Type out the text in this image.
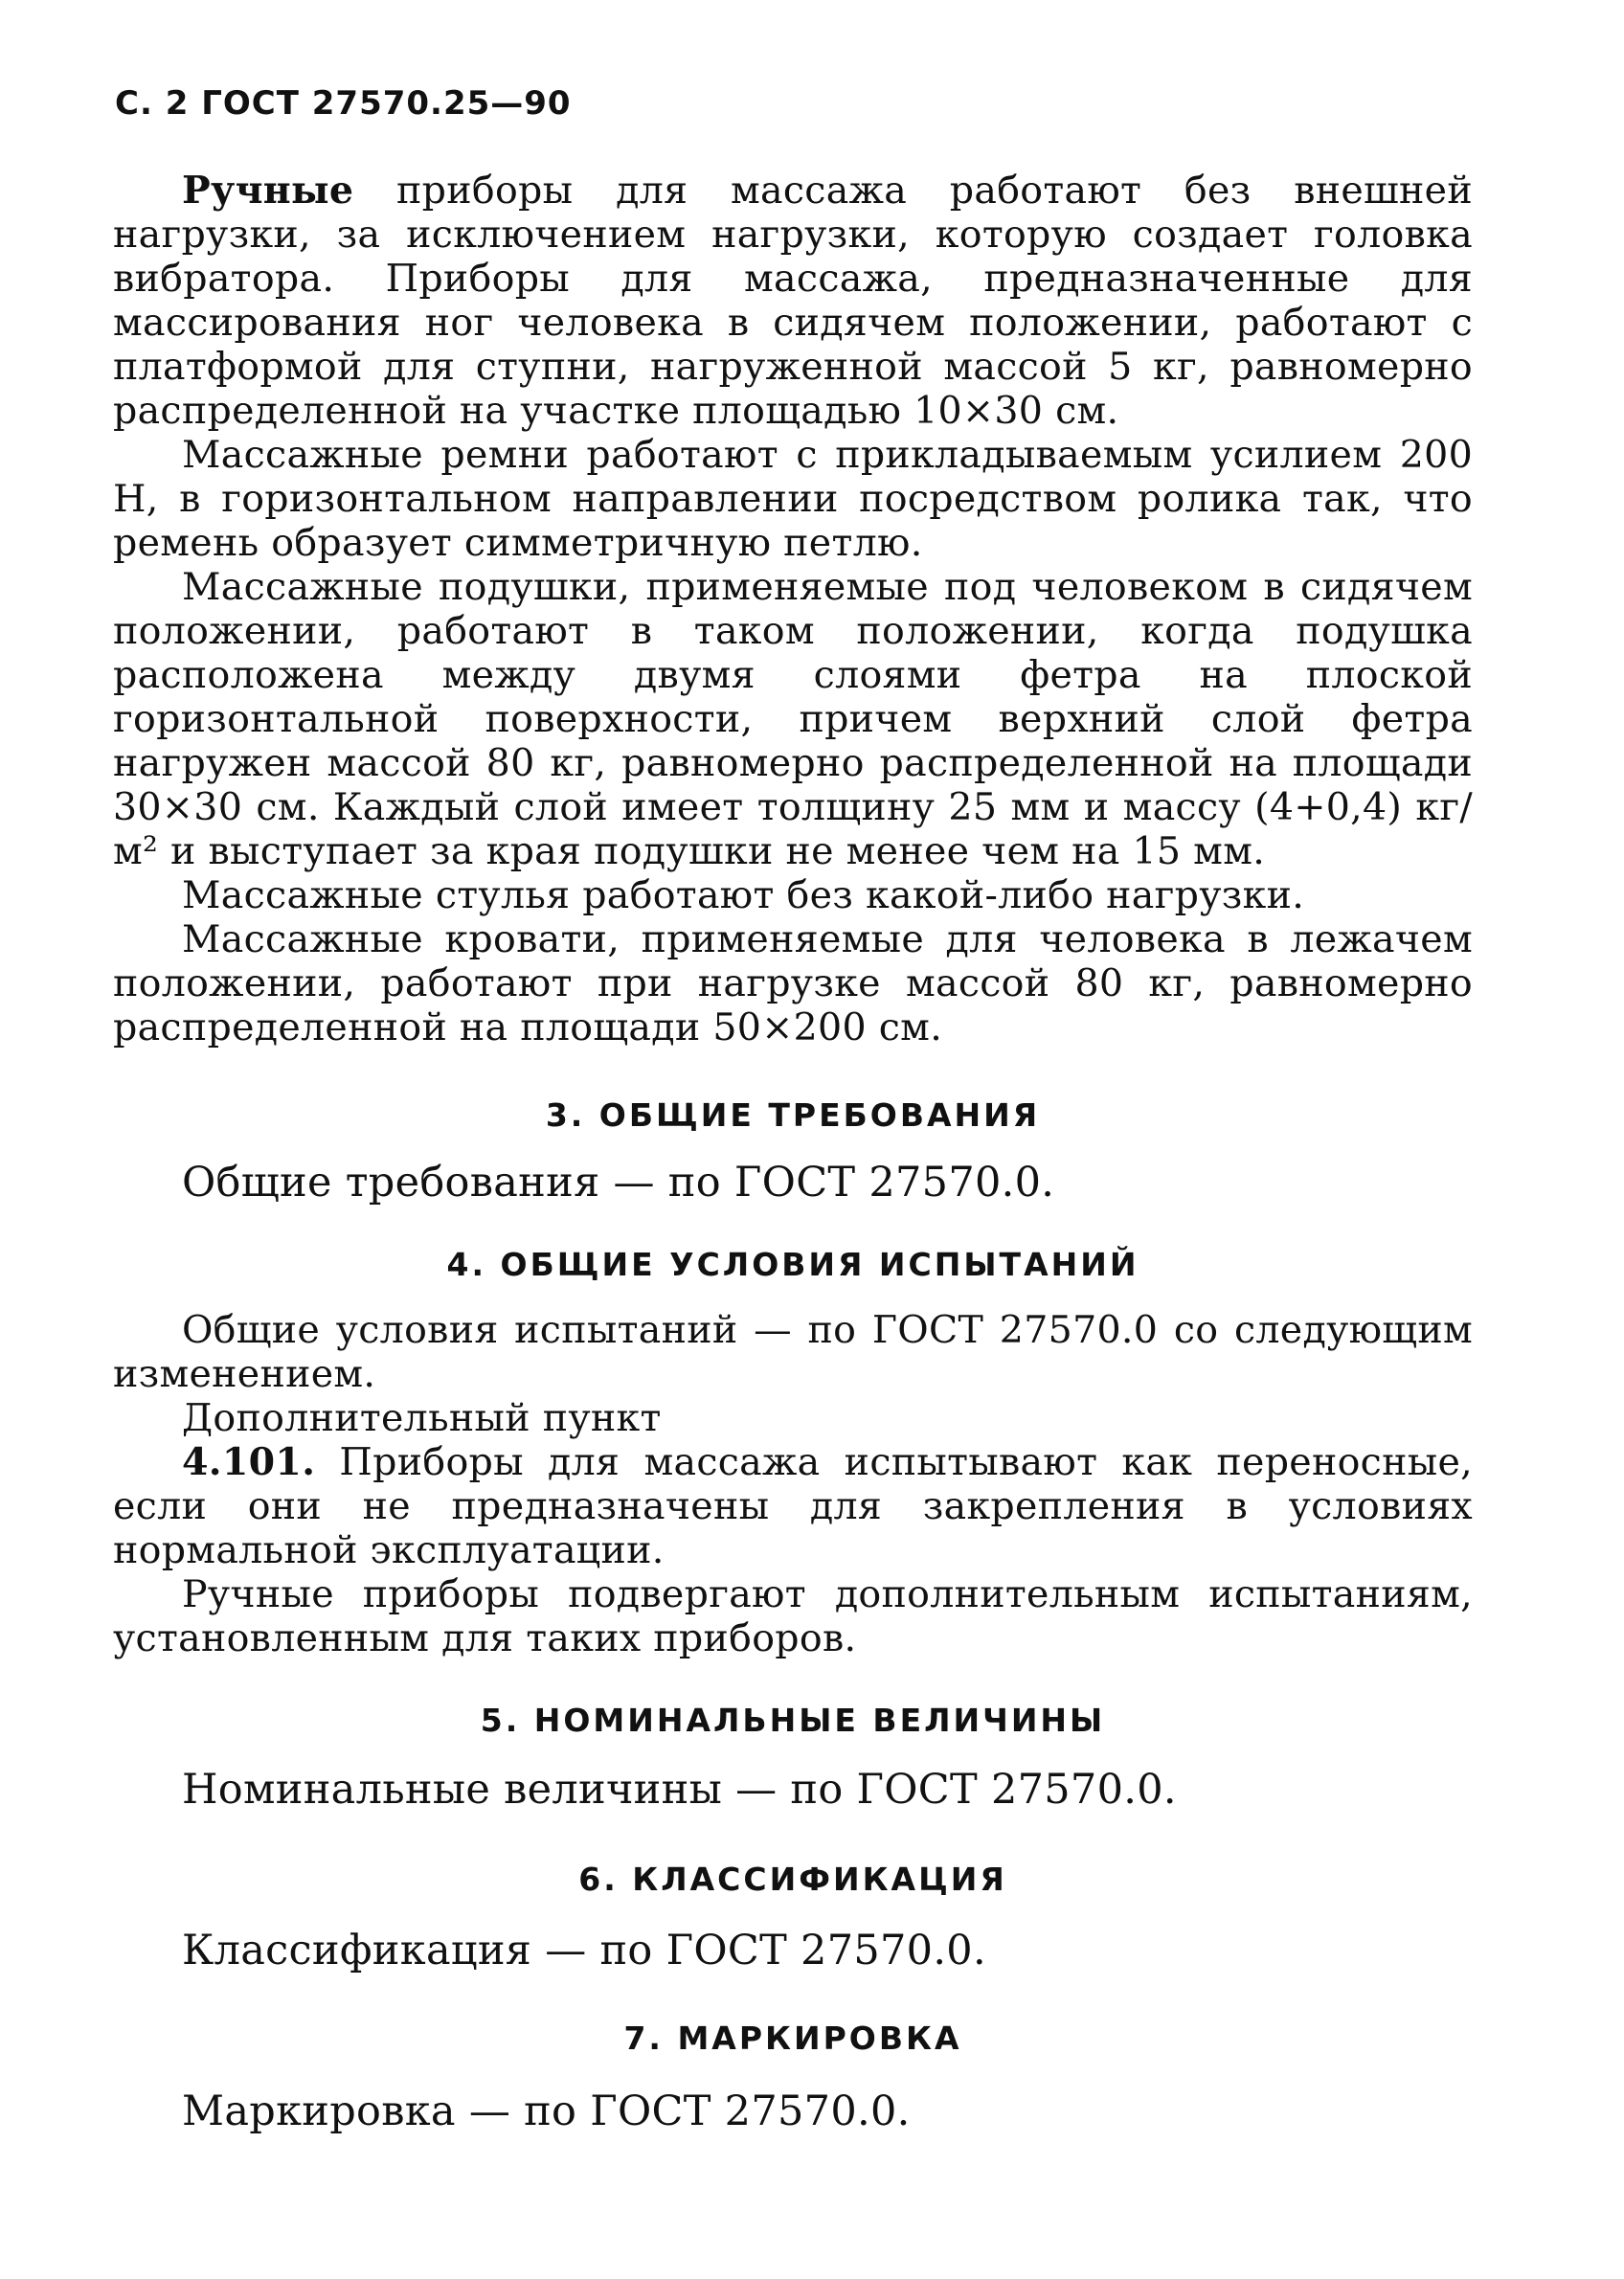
С. 2 ГОСТ 27570.25—90

Ручные приборы для массажа работают без внешней нагрузки, за исключением нагрузки, которую создает головка вибратора. Приборы для массажа, предназначенные для массирования ног человека в сидячем положении, работают с платформой для ступни, нагруженной массой 5 кг, равномерно распределенной на участке площадью 10×30 см.

Массажные ремни работают с прикладываемым усилием 200 Н, в горизонтальном направлении посредством ролика так, что ремень образует симметричную петлю.

Массажные подушки, применяемые под человеком в сидячем положении, работают в таком положении, когда подушка расположена между двумя слоями фетра на плоской горизонтальной поверхности, причем верхний слой фетра нагружен массой 80 кг, равномерно распределенной на площади 30×30 см. Каждый слой имеет толщину 25 мм и массу (4+0,4) кг/м² и выступает за края подушки не менее чем на 15 мм.

Массажные стулья работают без какой-либо нагрузки.

Массажные кровати, применяемые для человека в лежачем положении, работают при нагрузке массой 80 кг, равномерно распределенной на площади 50×200 см.

3. ОБЩИЕ ТРЕБОВАНИЯ

Общие требования — по ГОСТ 27570.0.

4. ОБЩИЕ УСЛОВИЯ ИСПЫТАНИЙ

Общие условия испытаний — по ГОСТ 27570.0 со следующим изменением.

Дополнительный пункт

4.101. Приборы для массажа испытывают как переносные, если они не предназначены для закрепления в условиях нормальной эксплуатации.

Ручные приборы подвергают дополнительным испытаниям, установленным для таких приборов.

5. НОМИНАЛЬНЫЕ ВЕЛИЧИНЫ

Номинальные величины — по ГОСТ 27570.0.

6. КЛАССИФИКАЦИЯ

Классификация — по ГОСТ 27570.0.

7. МАРКИРОВКА

Маркировка — по ГОСТ 27570.0.
